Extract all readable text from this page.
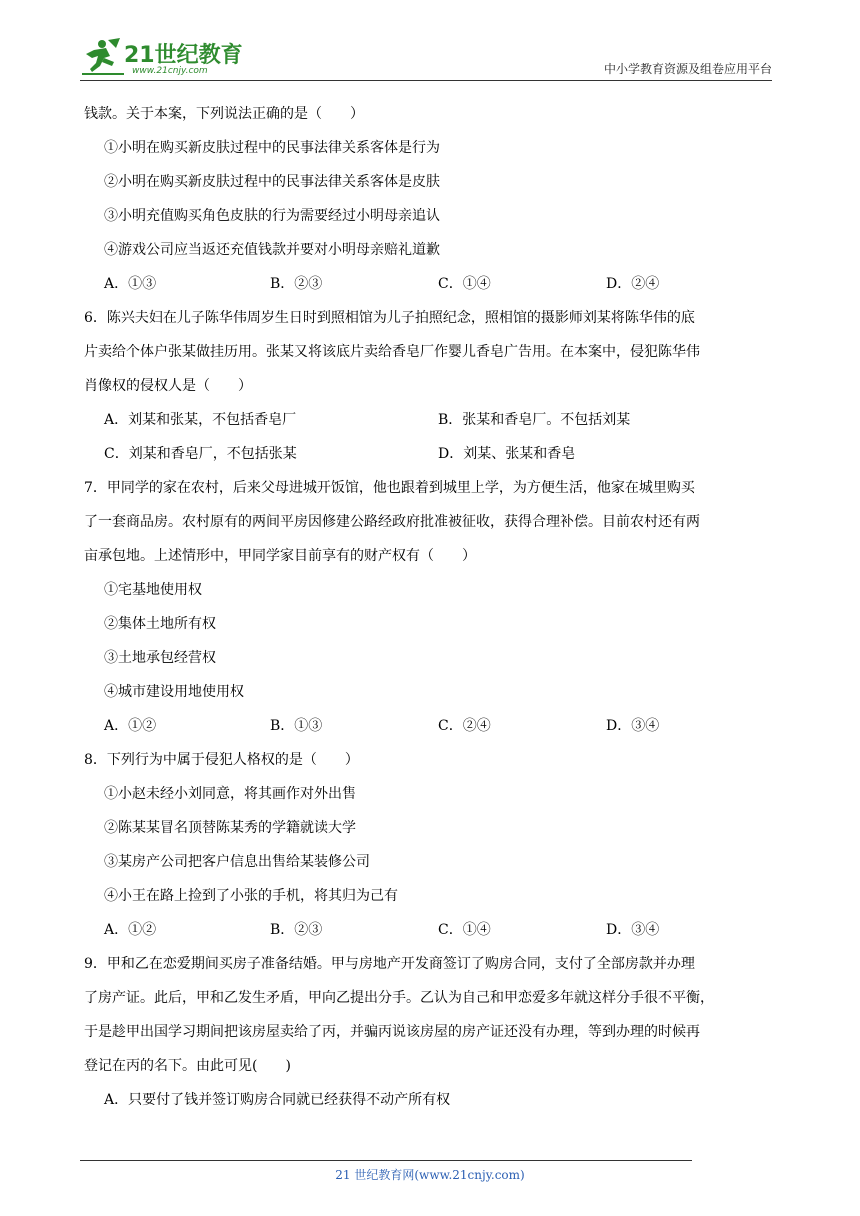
21世纪教育
www.21cnjy.com	中小学教育资源及组卷应用平台
钱款。关于本案，下列说法正确的是（　　）
①小明在购买新皮肤过程中的民事法律关系客体是行为
②小明在购买新皮肤过程中的民事法律关系客体是皮肤
③小明充值购买角色皮肤的行为需要经过小明母亲追认
④游戏公司应当返还充值钱款并要对小明母亲赔礼道歉
A．①③	B．②③	C．①④	D．②④
6．陈兴夫妇在儿子陈华伟周岁生日时到照相馆为儿子拍照纪念，照相馆的摄影师刘某将陈华伟的底
片卖给个体户张某做挂历用。张某又将该底片卖给香皂厂作婴儿香皂广告用。在本案中，侵犯陈华伟
肖像权的侵权人是（　　）
A．刘某和张某，不包括香皂厂	B．张某和香皂厂。不包括刘某
C．刘某和香皂厂，不包括张某	D．刘某、张某和香皂
7．甲同学的家在农村，后来父母进城开饭馆，他也跟着到城里上学，为方便生活，他家在城里购买
了一套商品房。农村原有的两间平房因修建公路经政府批准被征收，获得合理补偿。目前农村还有两
亩承包地。上述情形中，甲同学家目前享有的财产权有（　　）
①宅基地使用权
②集体土地所有权
③土地承包经营权
④城市建设用地使用权
A．①②	B．①③	C．②④	D．③④
8．下列行为中属于侵犯人格权的是（　　）
①小赵未经小刘同意，将其画作对外出售
②陈某某冒名顶替陈某秀的学籍就读大学
③某房产公司把客户信息出售给某装修公司
④小王在路上捡到了小张的手机，将其归为己有
A．①②	B．②③	C．①④	D．③④
9．甲和乙在恋爱期间买房子准备结婚。甲与房地产开发商签订了购房合同，支付了全部房款并办理
了房产证。此后，甲和乙发生矛盾，甲向乙提出分手。乙认为自己和甲恋爱多年就这样分手很不平衡，
于是趁甲出国学习期间把该房屋卖给了丙，并骗丙说该房屋的房产证还没有办理，等到办理的时候再
登记在丙的名下。由此可见(　　)
A．只要付了钱并签订购房合同就已经获得不动产所有权
21 世纪教育网(www.21cnjy.com)
